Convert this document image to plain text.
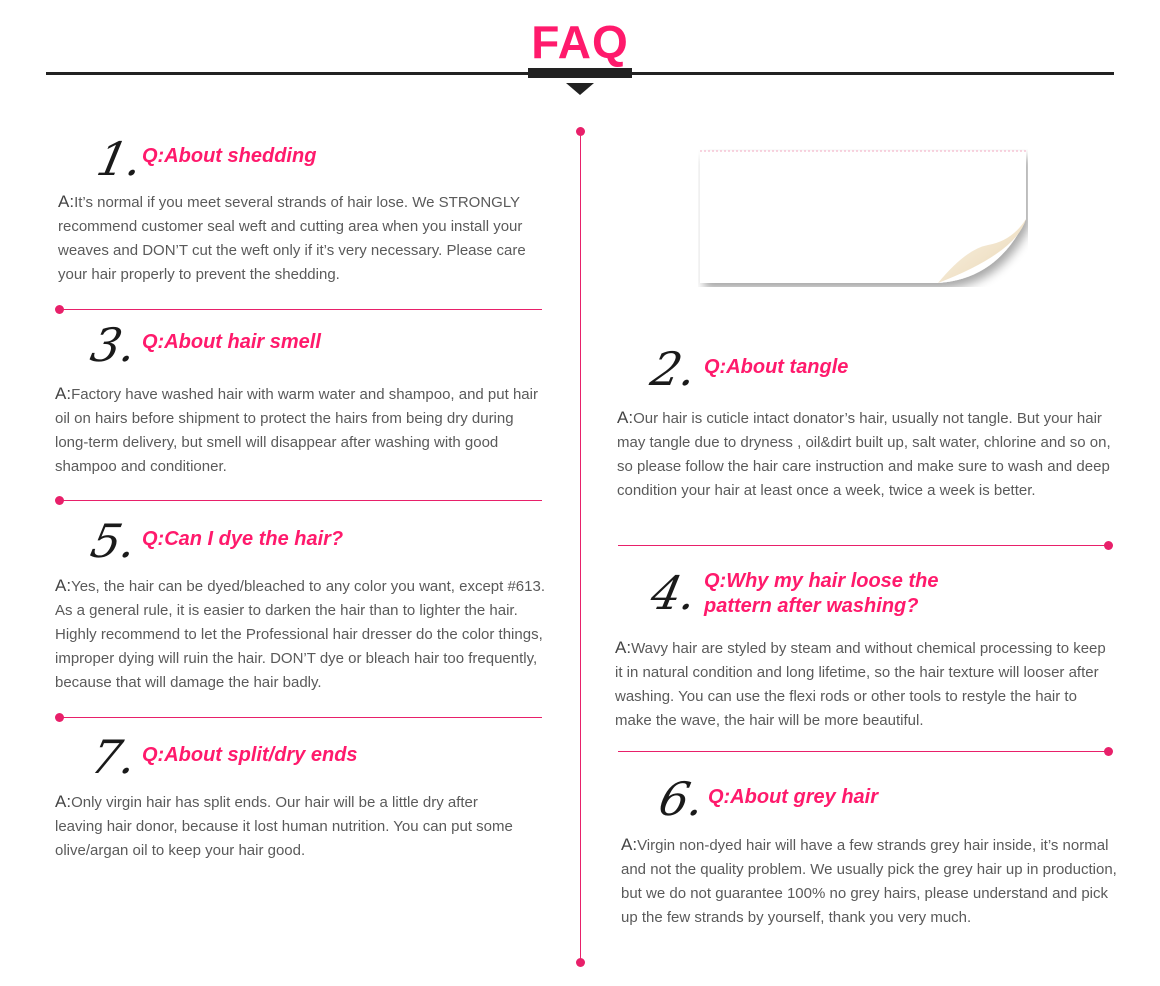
FAQ
1.
Q:About shedding
A:It’s normal if you meet several strands of hair lose. We STRONGLY recommend customer seal weft and cutting area when you install your weaves and DON’T cut the weft only if it’s very necessary. Please care your hair properly to prevent the shedding.
3. Q:About hair smell
A:Factory have washed hair with warm water and shampoo, and put hair oil on hairs before shipment to protect the hairs from being dry during long-term delivery, but smell will disappear after washing with good shampoo and conditioner.
5. Q:Can I dye the hair?
A:Yes, the hair can be dyed/bleached to any color you want, except #613. As a general rule, it is easier to darken the hair than to lighter the hair. Highly recommend to let the Professional hair dresser do the color things, improper dying will ruin the hair. DON’T dye or bleach hair too frequently, because that will damage the hair badly.
7. Q:About split/dry ends
A:Only virgin hair has split ends. Our hair will be a little dry after leaving hair donor, because it lost human nutrition. You can put some olive/argan oil to keep your hair good.
2. Q:About tangle
A:Our hair is cuticle intact donator’s hair, usually not tangle. But your hair may tangle due to dryness , oil&dirt built up, salt water, chlorine and so on, so please follow the hair care instruction and make sure to wash and deep condition your hair at least once a week, twice a week is better.
4. Q:Why my hair loose the
pattern after washing?
A:Wavy hair are styled by steam and without chemical processing to keep it in natural condition and long lifetime, so the hair texture will looser after washing. You can use the flexi rods or other tools to restyle the hair to make the wave, the hair will be more beautiful.
6.
Q:About grey hair
A:Virgin non-dyed hair will have a few strands grey hair inside, it’s normal and not the quality problem. We usually pick the grey hair up in production, but we do not guarantee 100% no grey hairs, please understand and pick up the few strands by yourself, thank you very much.
